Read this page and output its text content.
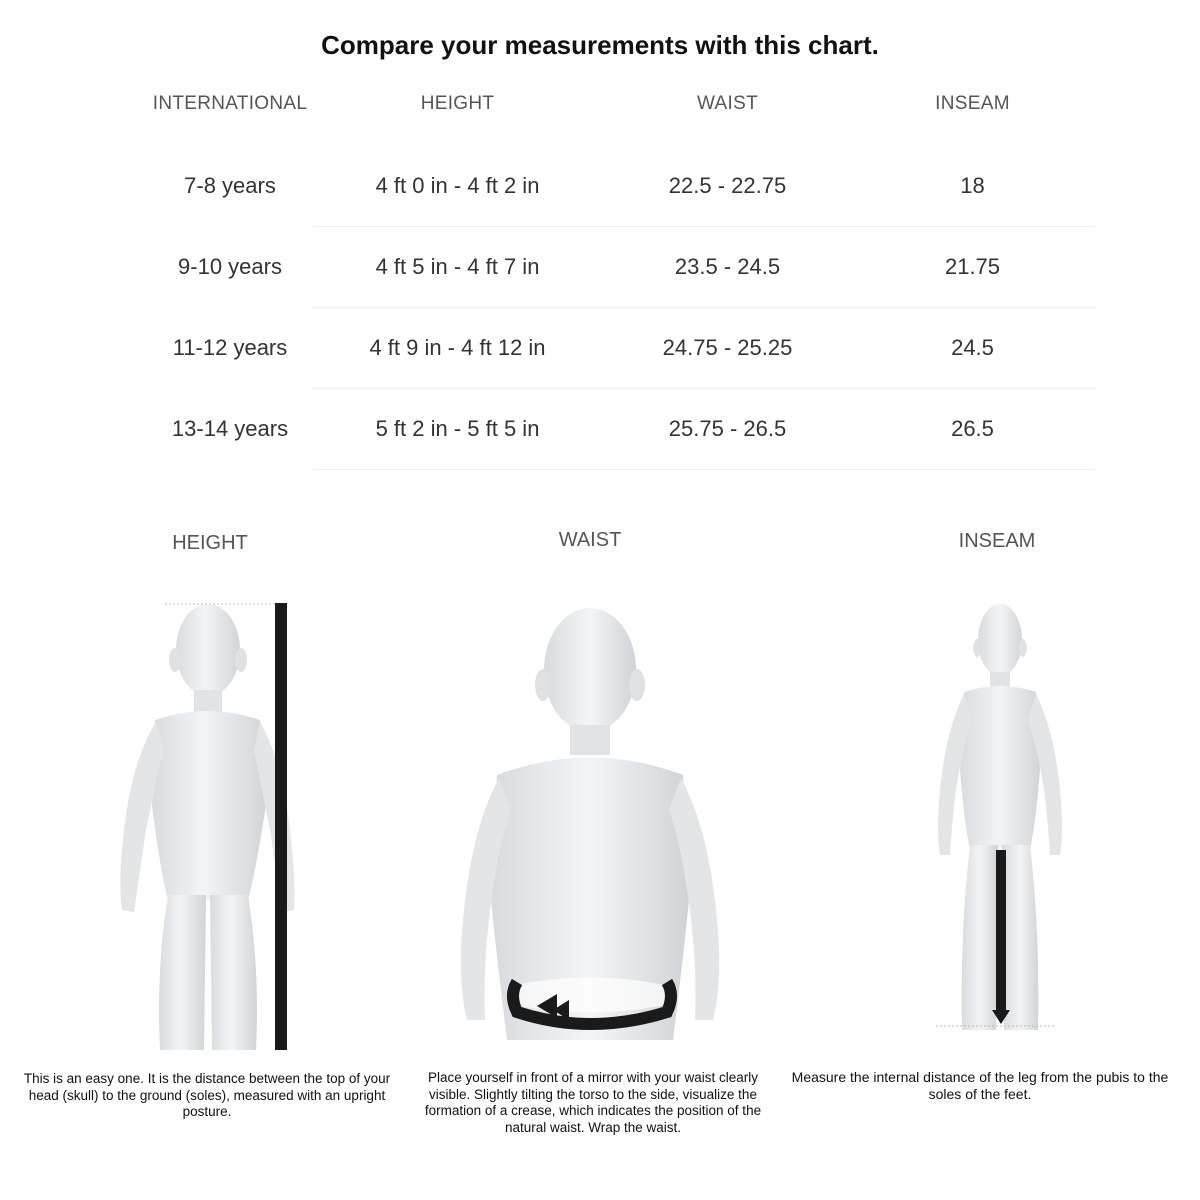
Compare your measurements with this chart.
INTERNATIONAL	HEIGHT	WAIST	INSEAM
7-8 years	4 ft 0 in - 4 ft 2 in	22.5 - 22.75	18
9-10 years	4 ft 5 in - 4 ft 7 in	23.5 - 24.5	21.75
11-12 years	4 ft 9 in - 4 ft 12 in	24.75 - 25.25	24.5
13-14 years	5 ft 2 in - 5 ft 5 in	25.75 - 26.5	26.5
HEIGHT	WAIST	INSEAM
This is an easy one. It is the distance between the top of your head (skull) to the ground (soles), measured with an upright posture.
Place yourself in front of a mirror with your waist clearly visible. Slightly tilting the torso to the side, visualize the formation of a crease, which indicates the position of the natural waist. Wrap the waist.
Measure the internal distance of the leg from the pubis to the soles of the feet.
